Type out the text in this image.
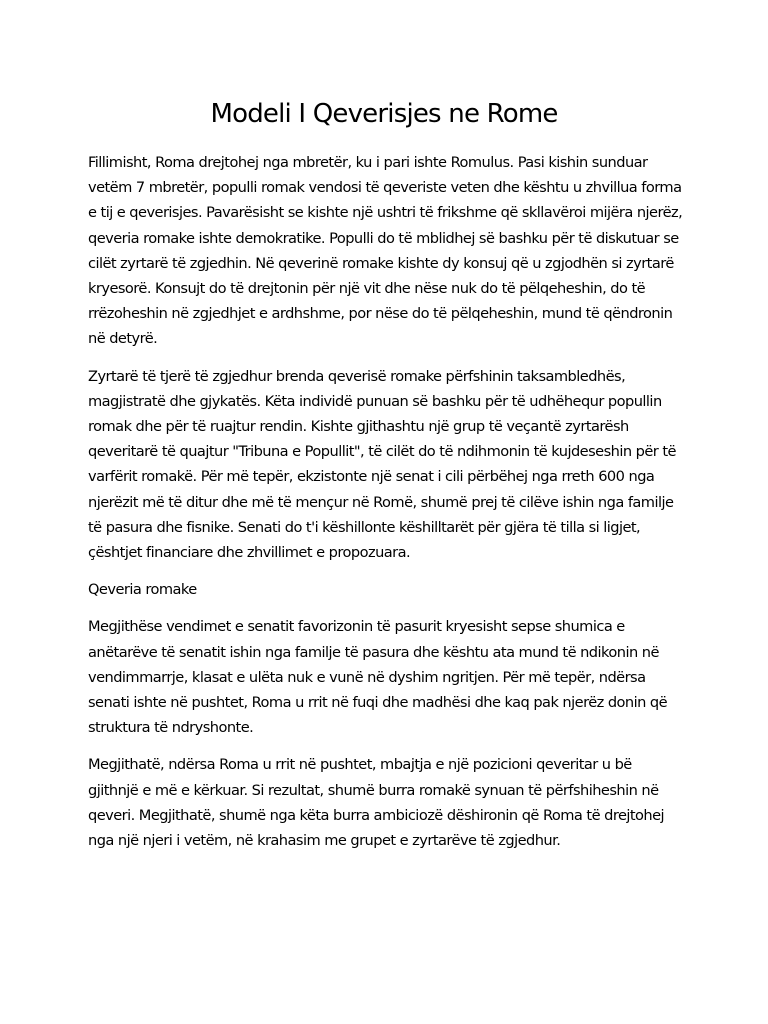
Modeli I Qeverisjes ne Rome

Fillimisht, Roma drejtohej nga mbretër, ku i pari ishte Romulus. Pasi kishin sunduar vetëm 7 mbretër, populli romak vendosi të qeveriste veten dhe kështu u zhvillua forma e tij e qeverisjes. Pavarësisht se kishte një ushtri të frikshme që skllavëroi mijëra njerëz, qeveria romake ishte demokratike. Populli do të mblidhej së bashku për të diskutuar se cilët zyrtarë të zgjedhin. Në qeverinë romake kishte dy konsuj që u zgjodhën si zyrtarë kryesorë. Konsujt do të drejtonin për një vit dhe nëse nuk do të pëlqeheshin, do të rrëzoheshin në zgjedhjet e ardhshme, por nëse do të pëlqeheshin, mund të qëndronin në detyrë.

Zyrtarë të tjerë të zgjedhur brenda qeverisë romake përfshinin taksambledhës, magjistratë dhe gjykatës. Këta individë punuan së bashku për të udhëhequr popullin romak dhe për të ruajtur rendin. Kishte gjithashtu një grup të veçantë zyrtarësh qeveritarë të quajtur "Tribuna e Popullit", të cilët do të ndihmonin të kujdeseshin për të varfërit romakë. Për më tepër, ekzistonte një senat i cili përbëhej nga rreth 600 nga njerëzit më të ditur dhe më të mençur në Romë, shumë prej të cilëve ishin nga familje të pasura dhe fisnike. Senati do t'i këshillonte këshilltarët për gjëra të tilla si ligjet, çështjet financiare dhe zhvillimet e propozuara.

Qeveria romake

Megjithëse vendimet e senatit favorizonin të pasurit kryesisht sepse shumica e anëtarëve të senatit ishin nga familje të pasura dhe kështu ata mund të ndikonin në vendimmarrje, klasat e ulëta nuk e vunë në dyshim ngritjen. Për më tepër, ndërsa senati ishte në pushtet, Roma u rrit në fuqi dhe madhësi dhe kaq pak njerëz donin që struktura të ndryshonte.

Megjithatë, ndërsa Roma u rrit në pushtet, mbajtja e një pozicioni qeveritar u bë gjithnjë e më e kërkuar. Si rezultat, shumë burra romakë synuan të përfshiheshin në qeveri. Megjithatë, shumë nga këta burra ambiciozë dëshironin që Roma të drejtohej nga një njeri i vetëm, në krahasim me grupet e zyrtarëve të zgjedhur.
